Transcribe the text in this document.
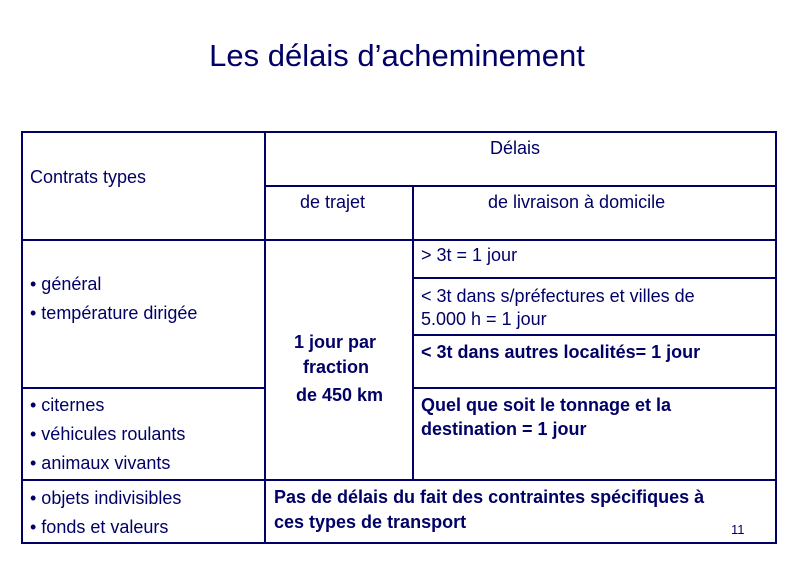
Les délais d’acheminement
Délais
Contrats types
de trajet	de livraison à domicile
• général
• température dirigée
> 3t = 1 jour
< 3t dans s/préfectures et villes de
5.000 h = 1 jour
< 3t dans autres localités= 1 jour
1 jour par
fraction
de 450 km
• citernes
• véhicules roulants
• animaux vivants
Quel que soit le tonnage et la
destination = 1 jour
• objets indivisibles
• fonds et valeurs
Pas de délais du fait des contraintes spécifiques à
ces types de transport	11
